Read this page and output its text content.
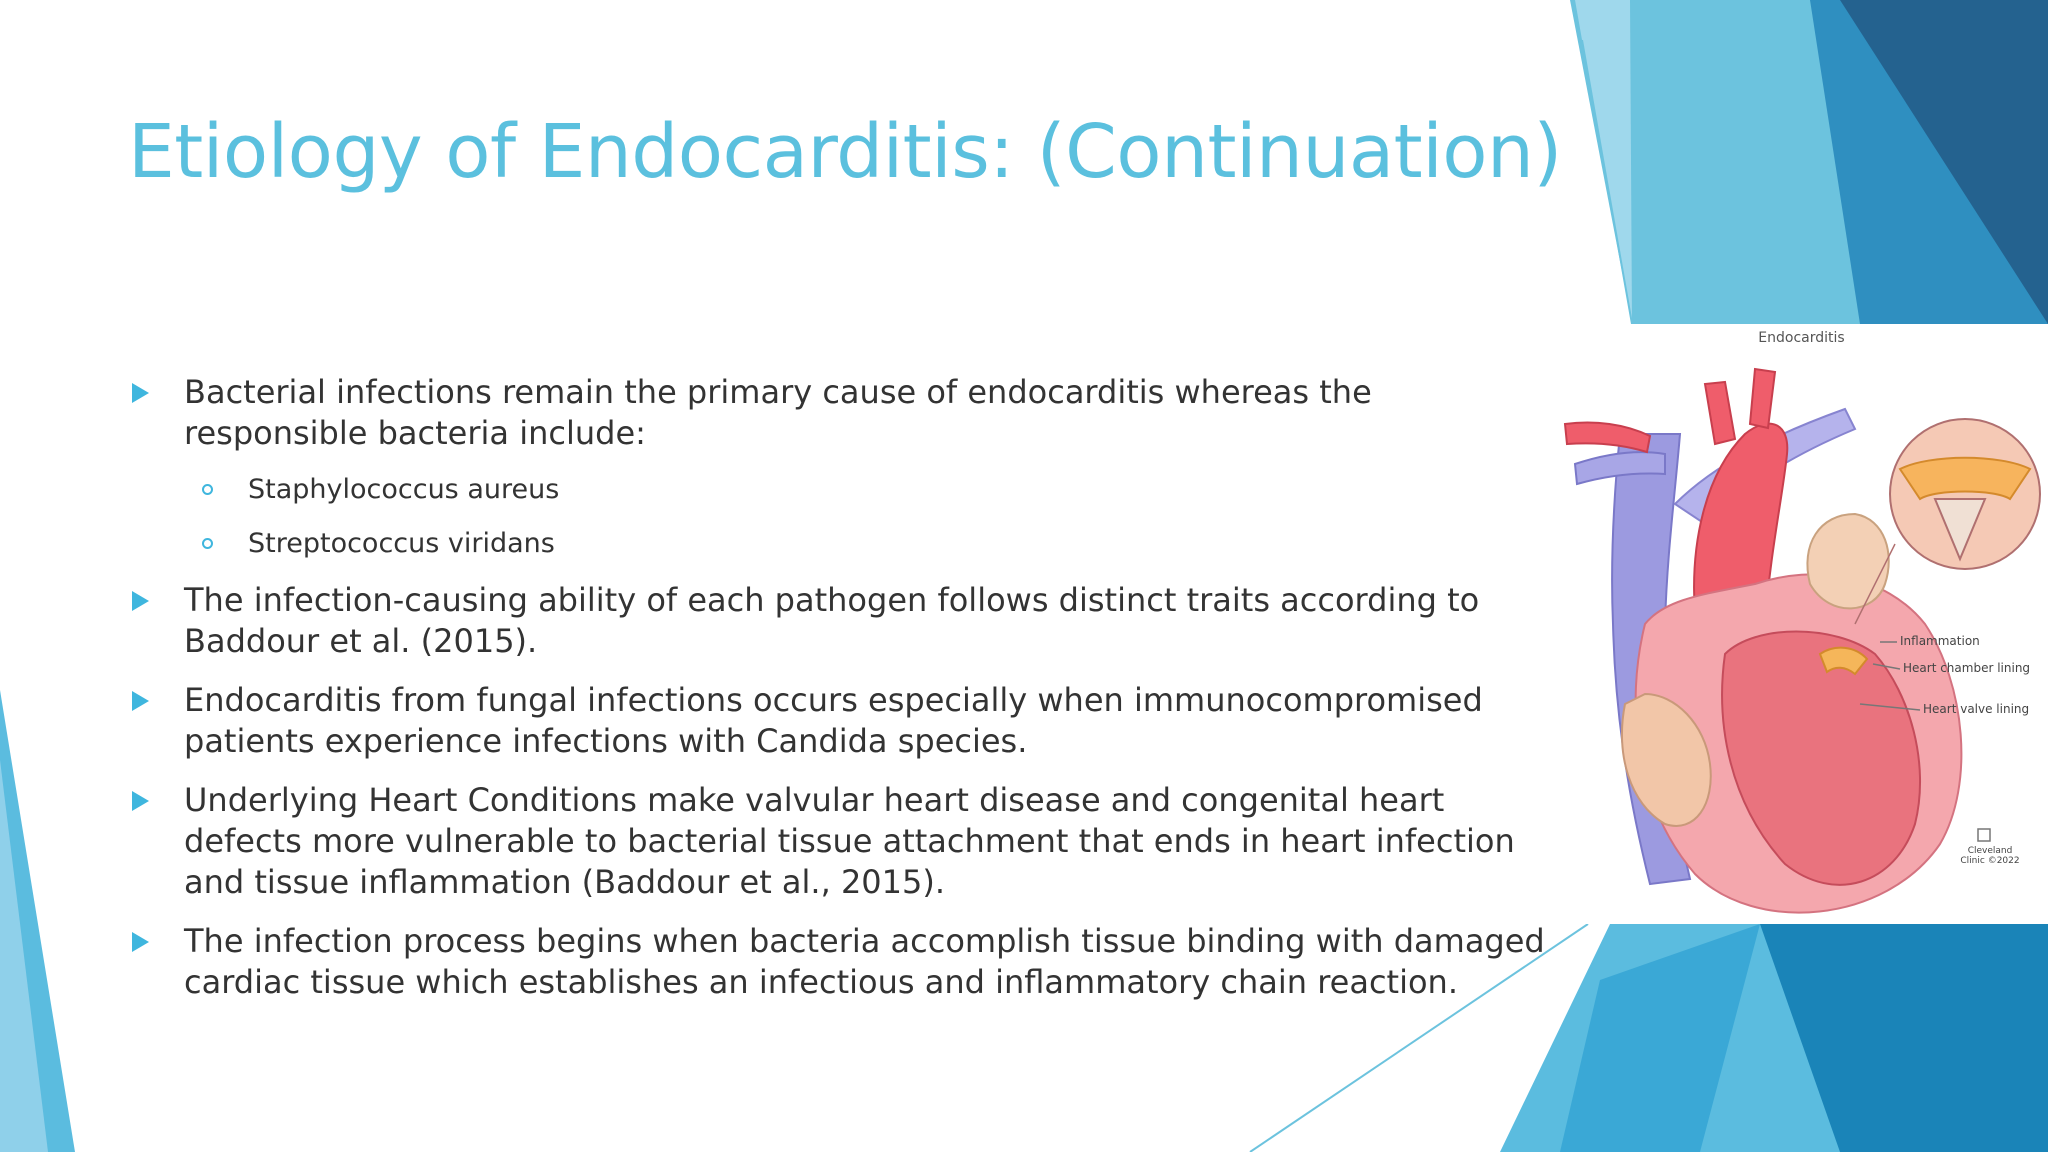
Etiology of Endocarditis: (Continuation)
Bacterial infections remain the primary cause of endocarditis whereas the responsible bacteria include:
Staphylococcus aureus
Streptococcus viridans
The infection-causing ability of each pathogen follows distinct traits according to Baddour et al. (2015).
Endocarditis from fungal infections occurs especially when immunocompromised patients experience infections with Candida species.
Underlying Heart Conditions make valvular heart disease and congenital heart defects more vulnerable to bacterial tissue attachment that ends in heart infection and tissue inflammation (Baddour et al., 2015).
The infection process begins when bacteria accomplish tissue binding with damaged cardiac tissue which establishes an infectious and inflammatory chain reaction.
Endocarditis
Inflammation
Heart chamber lining
Heart valve lining
Cleveland Clinic ©2022
